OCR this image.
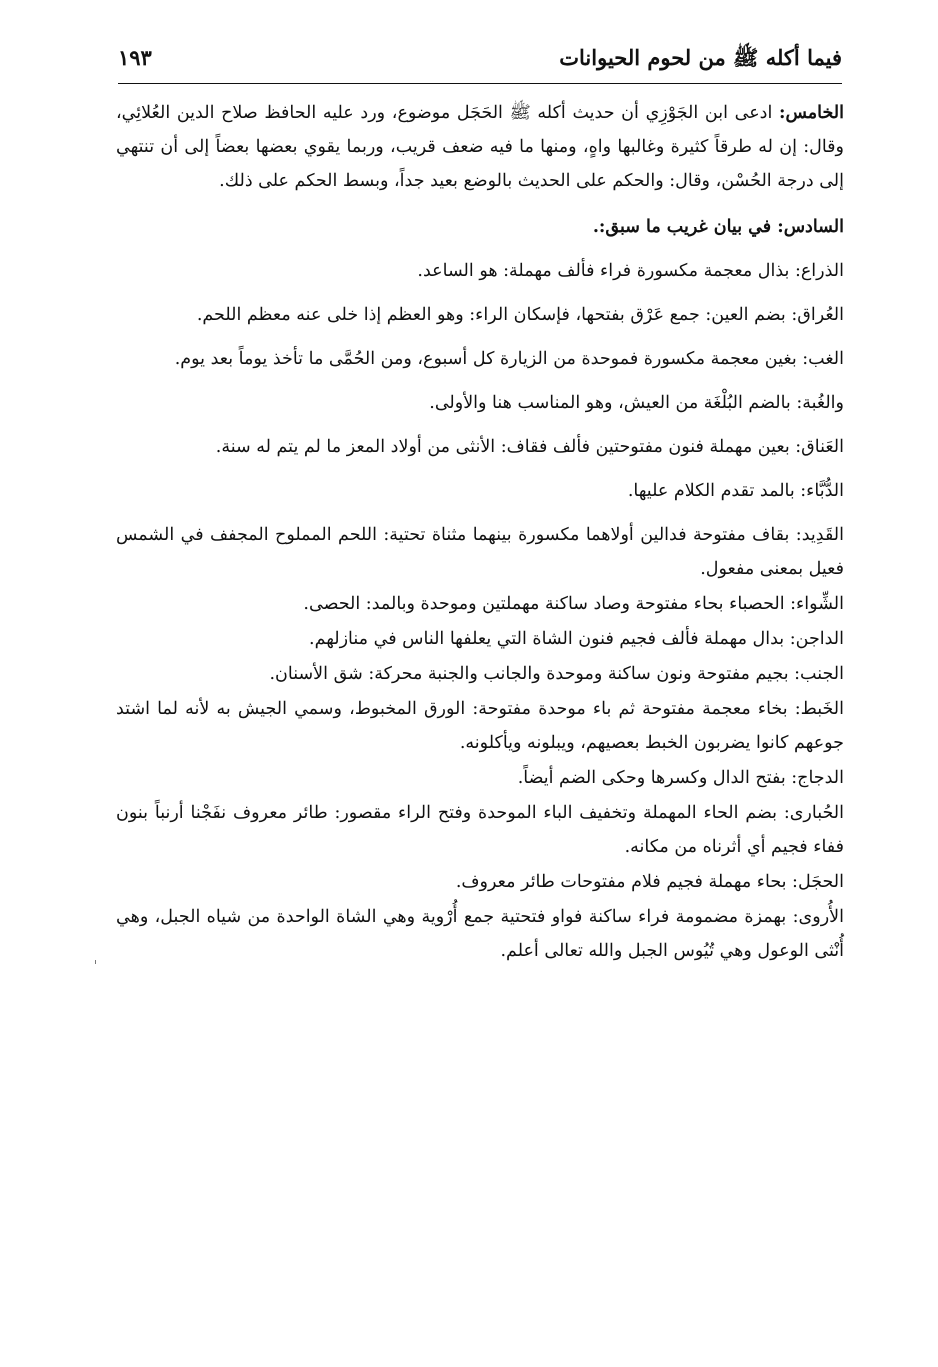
فيما أكله ﷺ من لحوم الحيوانات
١٩٣

الخامس: ادعى ابن الجَوْزِي أن حديث أكله ﷺ الحَجَل موضوع، ورد عليه الحافظ صلاح الدين العُلائِي، وقال: إن له طرقاً كثيرة وغالبها واهٍ، ومنها ما فيه ضعف قريب، وربما يقوي بعضها بعضاً إلى أن تنتهي إلى درجة الحُسْن، وقال: والحكم على الحديث بالوضع بعيد جداً، وبسط الحكم على ذلك.

السادس: في بيان غريب ما سبق:.

الذراع: بذال معجمة مكسورة فراء فألف مهملة: هو الساعد.

العُراق: بضم العين: جمع عَرْق بفتحها، فإسكان الراء: وهو العظم إذا خلى عنه معظم اللحم.

الغب: بغين معجمة مكسورة فموحدة من الزيارة كل أسبوع، ومن الحُمَّى ما تأخذ يوماً بعد يوم.

والغُبة: بالضم البُلْغَة من العيش، وهو المناسب هنا والأولى.

العَناق: بعين مهملة فنون مفتوحتين فألف فقاف: الأنثى من أولاد المعز ما لم يتم له سنة.

الدُّبَّاء: بالمد تقدم الكلام عليها.

القَدِيد: بقاف مفتوحة فدالين أولاهما مكسورة بينهما مثناة تحتية: اللحم المملوح المجفف في الشمس فعيل بمعنى مفعول.

الشِّواء: الحصباء بحاء مفتوحة وصاد ساكنة مهملتين وموحدة وبالمد: الحصى.

الداجن: بدال مهملة فألف فجيم فنون الشاة التي يعلفها الناس في منازلهم.

الجنب: بجيم مفتوحة ونون ساكنة وموحدة والجانب والجنبة محركة: شق الأسنان.

الخَبط: بخاء معجمة مفتوحة ثم باء موحدة مفتوحة: الورق المخبوط، وسمي الجيش به لأنه لما اشتد جوعهم كانوا يضربون الخبط بعصيهم، ويبلونه ويأكلونه.

الدجاج: بفتح الدال وكسرها وحكى الضم أيضاً.

الحُبارى: بضم الحاء المهملة وتخفيف الباء الموحدة وفتح الراء مقصور: طائر معروف نفَجْنا أرنباً بنون ففاء فجيم أي أثرناه من مكانه.

الحجَل: بحاء مهملة فجيم فلام مفتوحات طائر معروف.

الأُروى: بهمزة مضمومة فراء ساكنة فواو فتحتية جمع أُرْوية وهي الشاة الواحدة من شياه الجبل، وهي أُنْثى الوعول وهي تُيُوس الجبل والله تعالى أعلم.
